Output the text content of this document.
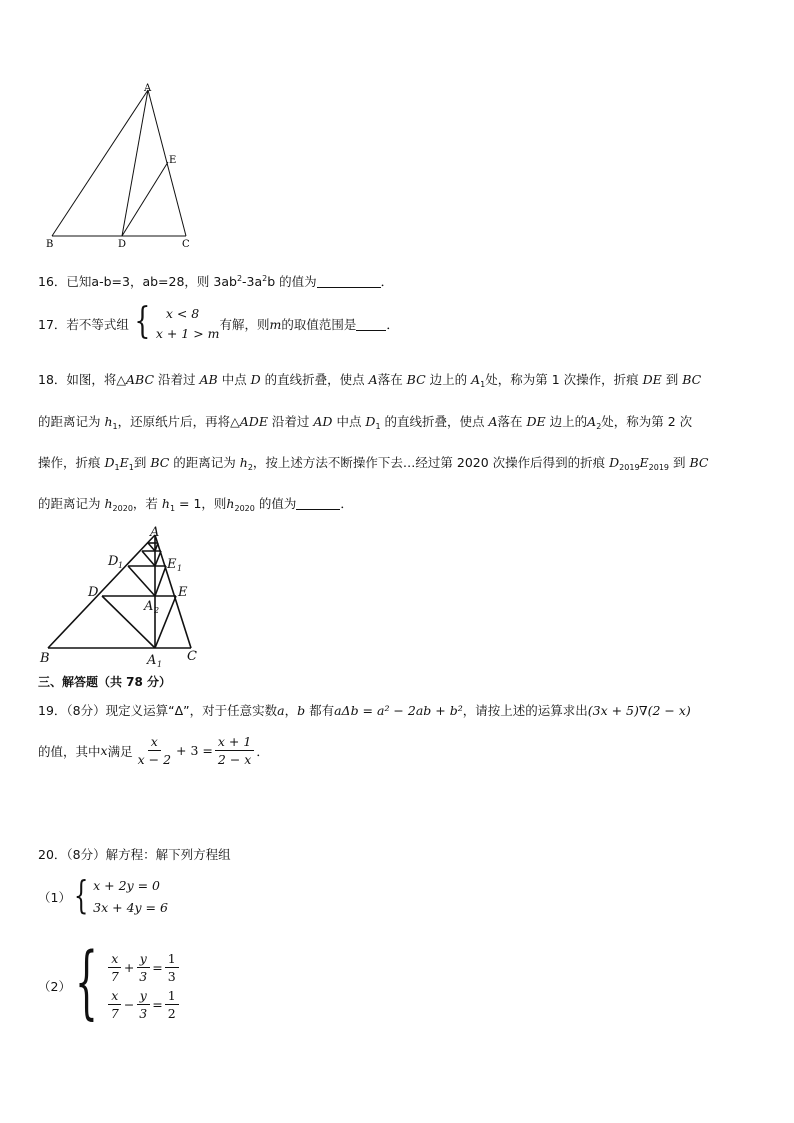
A
B	D	C
E
16．已知a-b=3，ab=28，则 $3ab^2-3a^2b$ 的值为	．
17． 若不等式组 {	x < 8
x + 1 > m
有解，则 m 的取值范围是 ．
18．如图，将△ABC 沿着过 AB 中点 D 的直线折叠，使点 A落在 BC 边上的 $A_1$处，称为第 1 次操作，折痕 DE 到 BC
的距离记为 $h_1$，还原纸片后，再将△ADE 沿着过 AD 中点 $D_1$ 的直线折叠，使点 A落在 DE 边上的$A_2$处，称为第 2 次
操作，折痕 $D_1E_1$到 BC 的距离记为 $h_2$，按上述方法不断操作下去…经过第 2020 次操作后得到的折痕 $D_{2019}E_{2019}$ 到 BC
的距离记为 $h_{2020}$，若 $h_1 = 1$，则$h_{2020}$ 的值为	．
A
D 1	E 1
D	E
A 2
B	A 1
C
三、解答题（共 78 分）
19．（8分）现定义运算“Δ”，对于任意实数a，b 都有aΔb = a² − 2ab + b²，请按上述的运算求出(3x + 5)∇(2 − x)
的值，其中 x 满足 $\frac{x}{x - 2} + 3 = \frac{x + 1}{2 - x}$ ．
20．（8分）解方程：解下列方程组
（1） { x + 2y = 0
3x + 4y = 6
（2） { $\frac{x}{7} + \frac{y}{3} = \frac{1}{3}$
$\frac{x}{7} - \frac{y}{3} = \frac{1}{2}$
